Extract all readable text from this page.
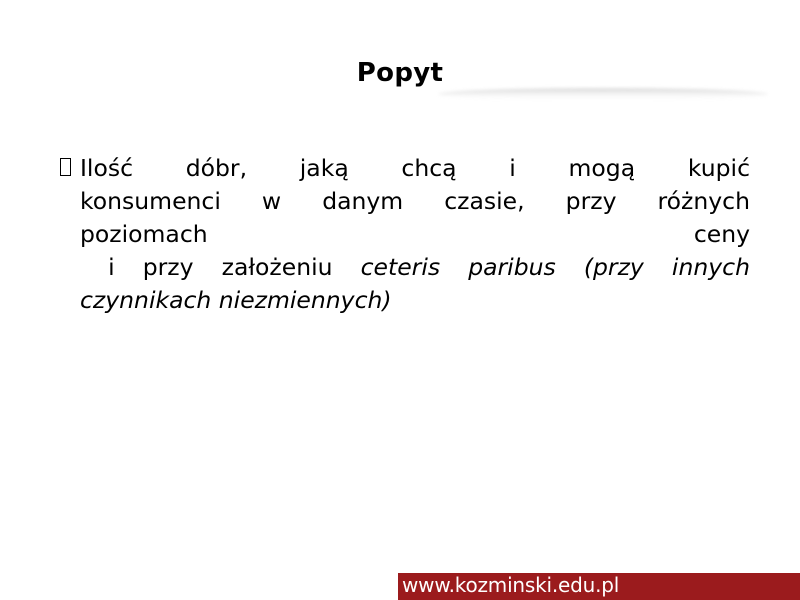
Popyt
Ilość dóbr, jaką chcą i mogą kupić
konsumenci w danym czasie, przy różnych
poziomach	ceny
i przy założeniu ceteris paribus (przy innych
czynnikach niezmiennych)
www.kozminski.edu.pl
